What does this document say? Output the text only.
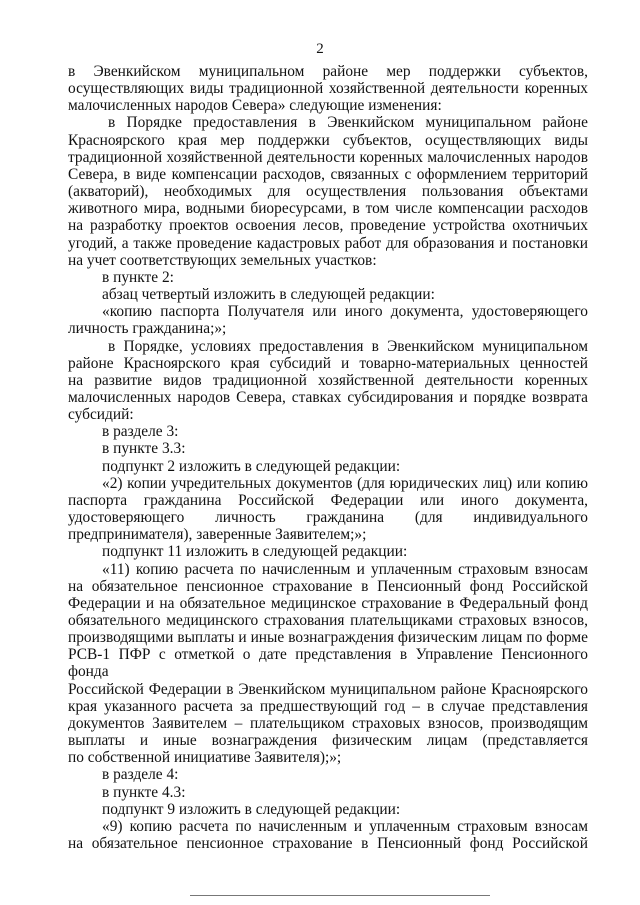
2

в Эвенкийском муниципальном районе мер поддержки субъектов,

осуществляющих виды традиционной хозяйственной деятельности коренных

малочисленных народов Севера» следующие изменения:

в Порядке предоставления в Эвенкийском муниципальном районе

Красноярского края мер поддержки субъектов, осуществляющих виды

традиционной хозяйственной деятельности коренных малочисленных народов

Севера, в виде компенсации расходов, связанных с оформлением территорий

(акваторий), необходимых для осуществления пользования объектами

животного мира, водными биоресурсами, в том числе компенсации расходов

на разработку проектов освоения лесов, проведение устройства охотничьих

угодий, а также проведение кадастровых работ для образования и постановки

на учет соответствующих земельных участков:

в пункте 2:

абзац четвертый изложить в следующей редакции:

«копию паспорта Получателя или иного документа, удостоверяющего

личность гражданина;»;

в Порядке, условиях предоставления в Эвенкийском муниципальном

районе Красноярского края субсидий и товарно-материальных ценностей

на развитие видов традиционной хозяйственной деятельности коренных

малочисленных народов Севера, ставках субсидирования и порядке возврата

субсидий:

в разделе 3:

в пункте 3.3:

подпункт 2 изложить в следующей редакции:

«2) копии учредительных документов (для юридических лиц) или копию

паспорта гражданина Российской Федерации или иного документа,

удостоверяющего личность гражданина (для индивидуального

предпринимателя), заверенные Заявителем;»;

подпункт 11 изложить в следующей редакции:

«11) копию расчета по начисленным и уплаченным страховым взносам

на обязательное пенсионное страхование в Пенсионный фонд Российской

Федерации и на обязательное медицинское страхование в Федеральный фонд

обязательного медицинского страхования плательщиками страховых взносов,

производящими выплаты и иные вознаграждения физическим лицам по форме

РСВ-1 ПФР с отметкой о дате представления в Управление Пенсионного фонда

Российской Федерации в Эвенкийском муниципальном районе Красноярского

края указанного расчета за предшествующий год – в случае представления

документов Заявителем – плательщиком страховых взносов, производящим

выплаты и иные вознаграждения физическим лицам (представляется

по собственной инициативе Заявителя);»;

в разделе 4:

в пункте 4.3:

подпункт 9 изложить в следующей редакции:

«9) копию расчета по начисленным и уплаченным страховым взносам

на обязательное пенсионное страхование в Пенсионный фонд Российской
